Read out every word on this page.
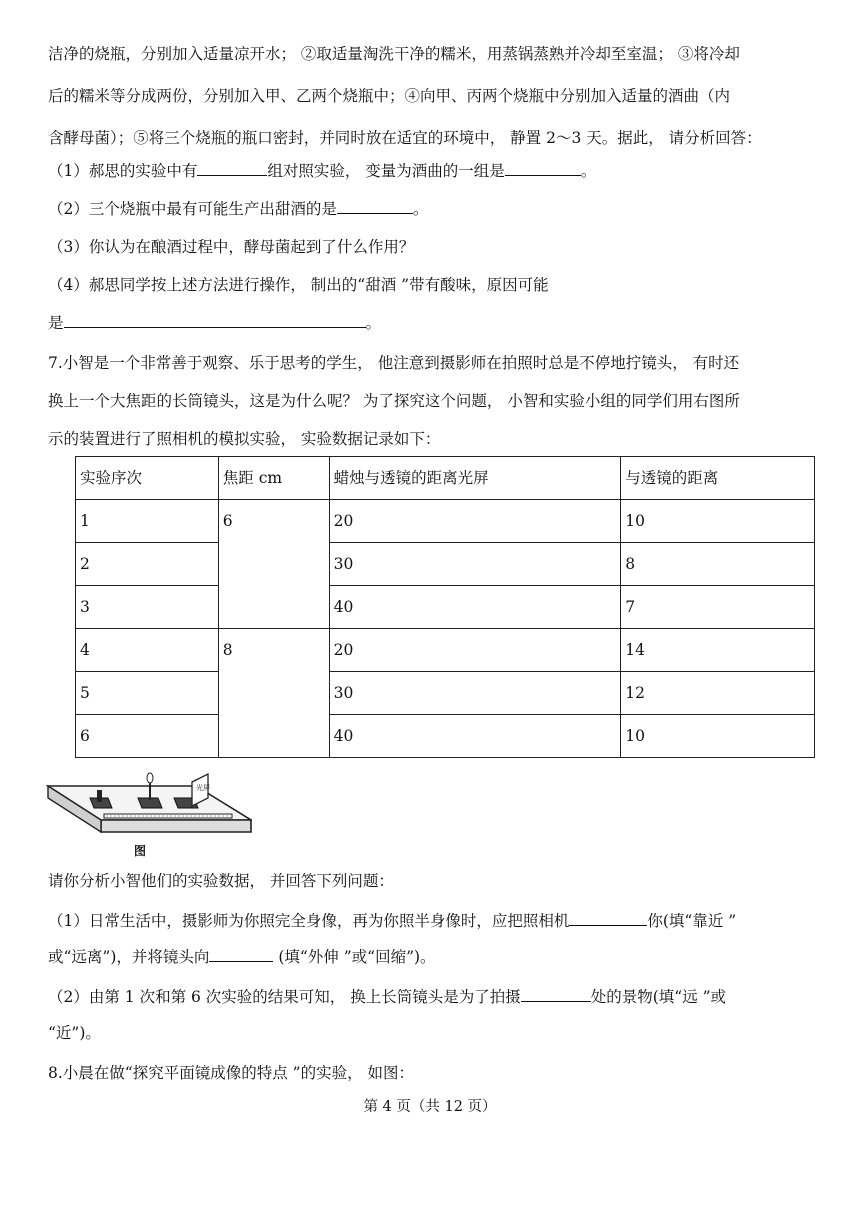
洁净的烧瓶，分别加入适量凉开水； ②取适量淘洗干净的糯米，用蒸锅蒸熟并冷却至室温； ③将冷却
后的糯米等分成两份，分别加入甲、乙两个烧瓶中；④向甲、丙两个烧瓶中分别加入适量的酒曲（内
含酵母菌）；⑤将三个烧瓶的瓶口密封，并同时放在适宜的环境中， 静置 2～3 天。据此， 请分析回答：
（1）郝思的实验中有	组对照实验， 变量为酒曲的一组是	。
（2）三个烧瓶中最有可能生产出甜酒的是	。
（3）你认为在酿酒过程中，酵母菌起到了什么作用？
（4）郝思同学按上述方法进行操作， 制出的“甜酒 ”带有酸味，原因可能
是	。
7.小智是一个非常善于观察、乐于思考的学生， 他注意到摄影师在拍照时总是不停地拧镜头， 有时还
换上一个大焦距的长筒镜头，这是为什么呢？ 为了探究这个问题， 小智和实验小组的同学们用右图所
示的装置进行了照相机的模拟实验， 实验数据记录如下：
实验序次	焦距 cm	蜡烛与透镜的距离光屏	与透镜的距离
1	6	20	10
2		30	8
3		40	7
4	8	20	14
5		30	12
6		40	10
光屏
图
请你分析小智他们的实验数据， 并回答下列问题：
（1）日常生活中，摄影师为你照完全身像，再为你照半身像时，应把照相机	你(填“靠近 ”
或“远离”)，并将镜头向	(填“外伸 ”或“回缩”)。
（2）由第 1 次和第 6 次实验的结果可知， 换上长筒镜头是为了拍摄	处的景物(填“远 ”或
“近”)。
8.小晨在做“探究平面镜成像的特点 ”的实验， 如图：
第 4 页（共 12 页）
